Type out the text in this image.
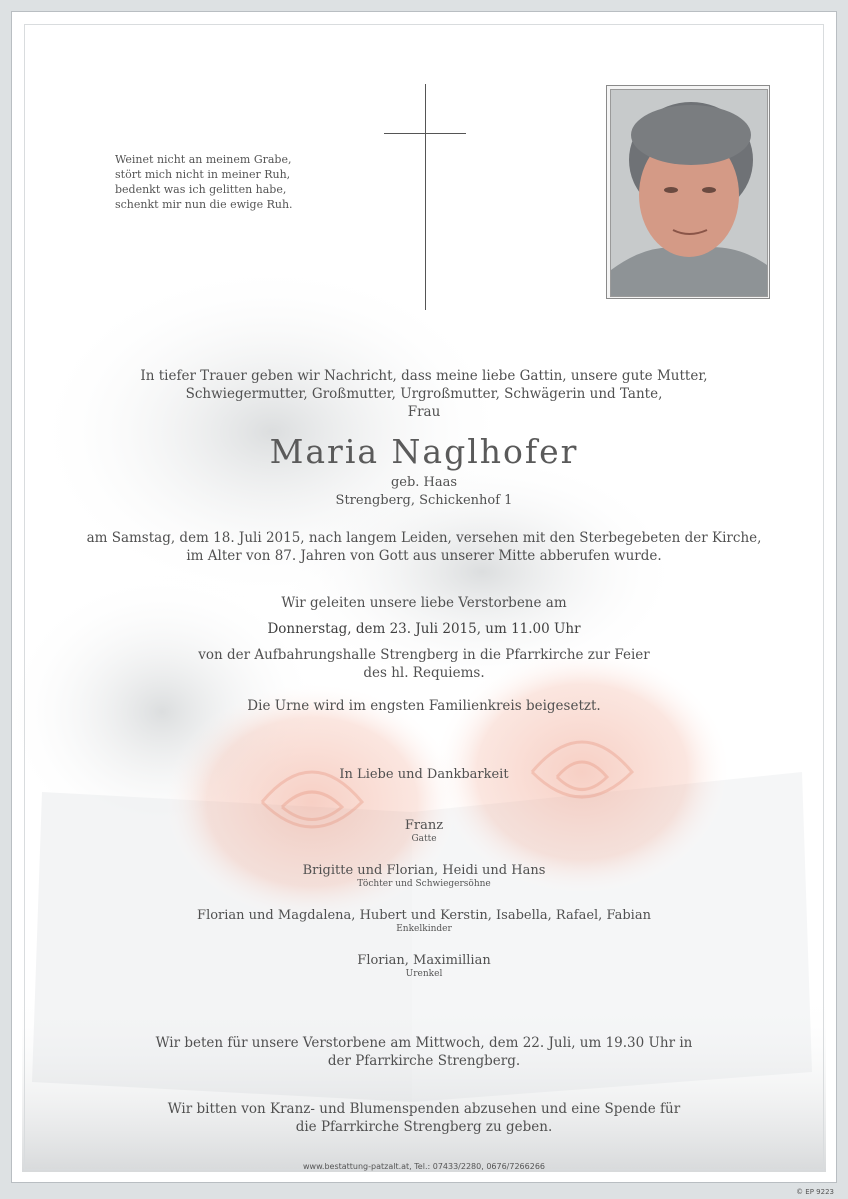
Weinet nicht an meinem Grabe,
stört mich nicht in meiner Ruh,
bedenkt was ich gelitten habe,
schenkt mir nun die ewige Ruh.
In tiefer Trauer geben wir Nachricht, dass meine liebe Gattin, unsere gute Mutter,
Schwiegermutter, Großmutter, Urgroßmutter, Schwägerin und Tante,
Frau
Maria Naglhofer
geb. Haas
Strengberg, Schickenhof 1
am Samstag, dem 18. Juli 2015, nach langem Leiden, versehen mit den Sterbegebeten der Kirche,
im Alter von 87. Jahren von Gott aus unserer Mitte abberufen wurde.
Wir geleiten unsere liebe Verstorbene am
Donnerstag, dem 23. Juli 2015, um 11.00 Uhr
von der Aufbahrungshalle Strengberg in die Pfarrkirche zur Feier
des hl. Requiems.
Die Urne wird im engsten Familienkreis beigesetzt.
In Liebe und Dankbarkeit
Franz
Gatte
Brigitte und Florian, Heidi und Hans
Töchter und Schwiegersöhne
Florian und Magdalena, Hubert und Kerstin, Isabella, Rafael, Fabian
Enkelkinder
Florian, Maximillian
Urenkel
Wir beten für unsere Verstorbene am Mittwoch, dem 22. Juli, um 19.30 Uhr in
der Pfarrkirche Strengberg.
Wir bitten von Kranz- und Blumenspenden abzusehen und eine Spende für
die Pfarrkirche Strengberg zu geben.
www.bestattung-patzalt.at, Tel.: 07433/2280, 0676/7266266
© EP 9223
